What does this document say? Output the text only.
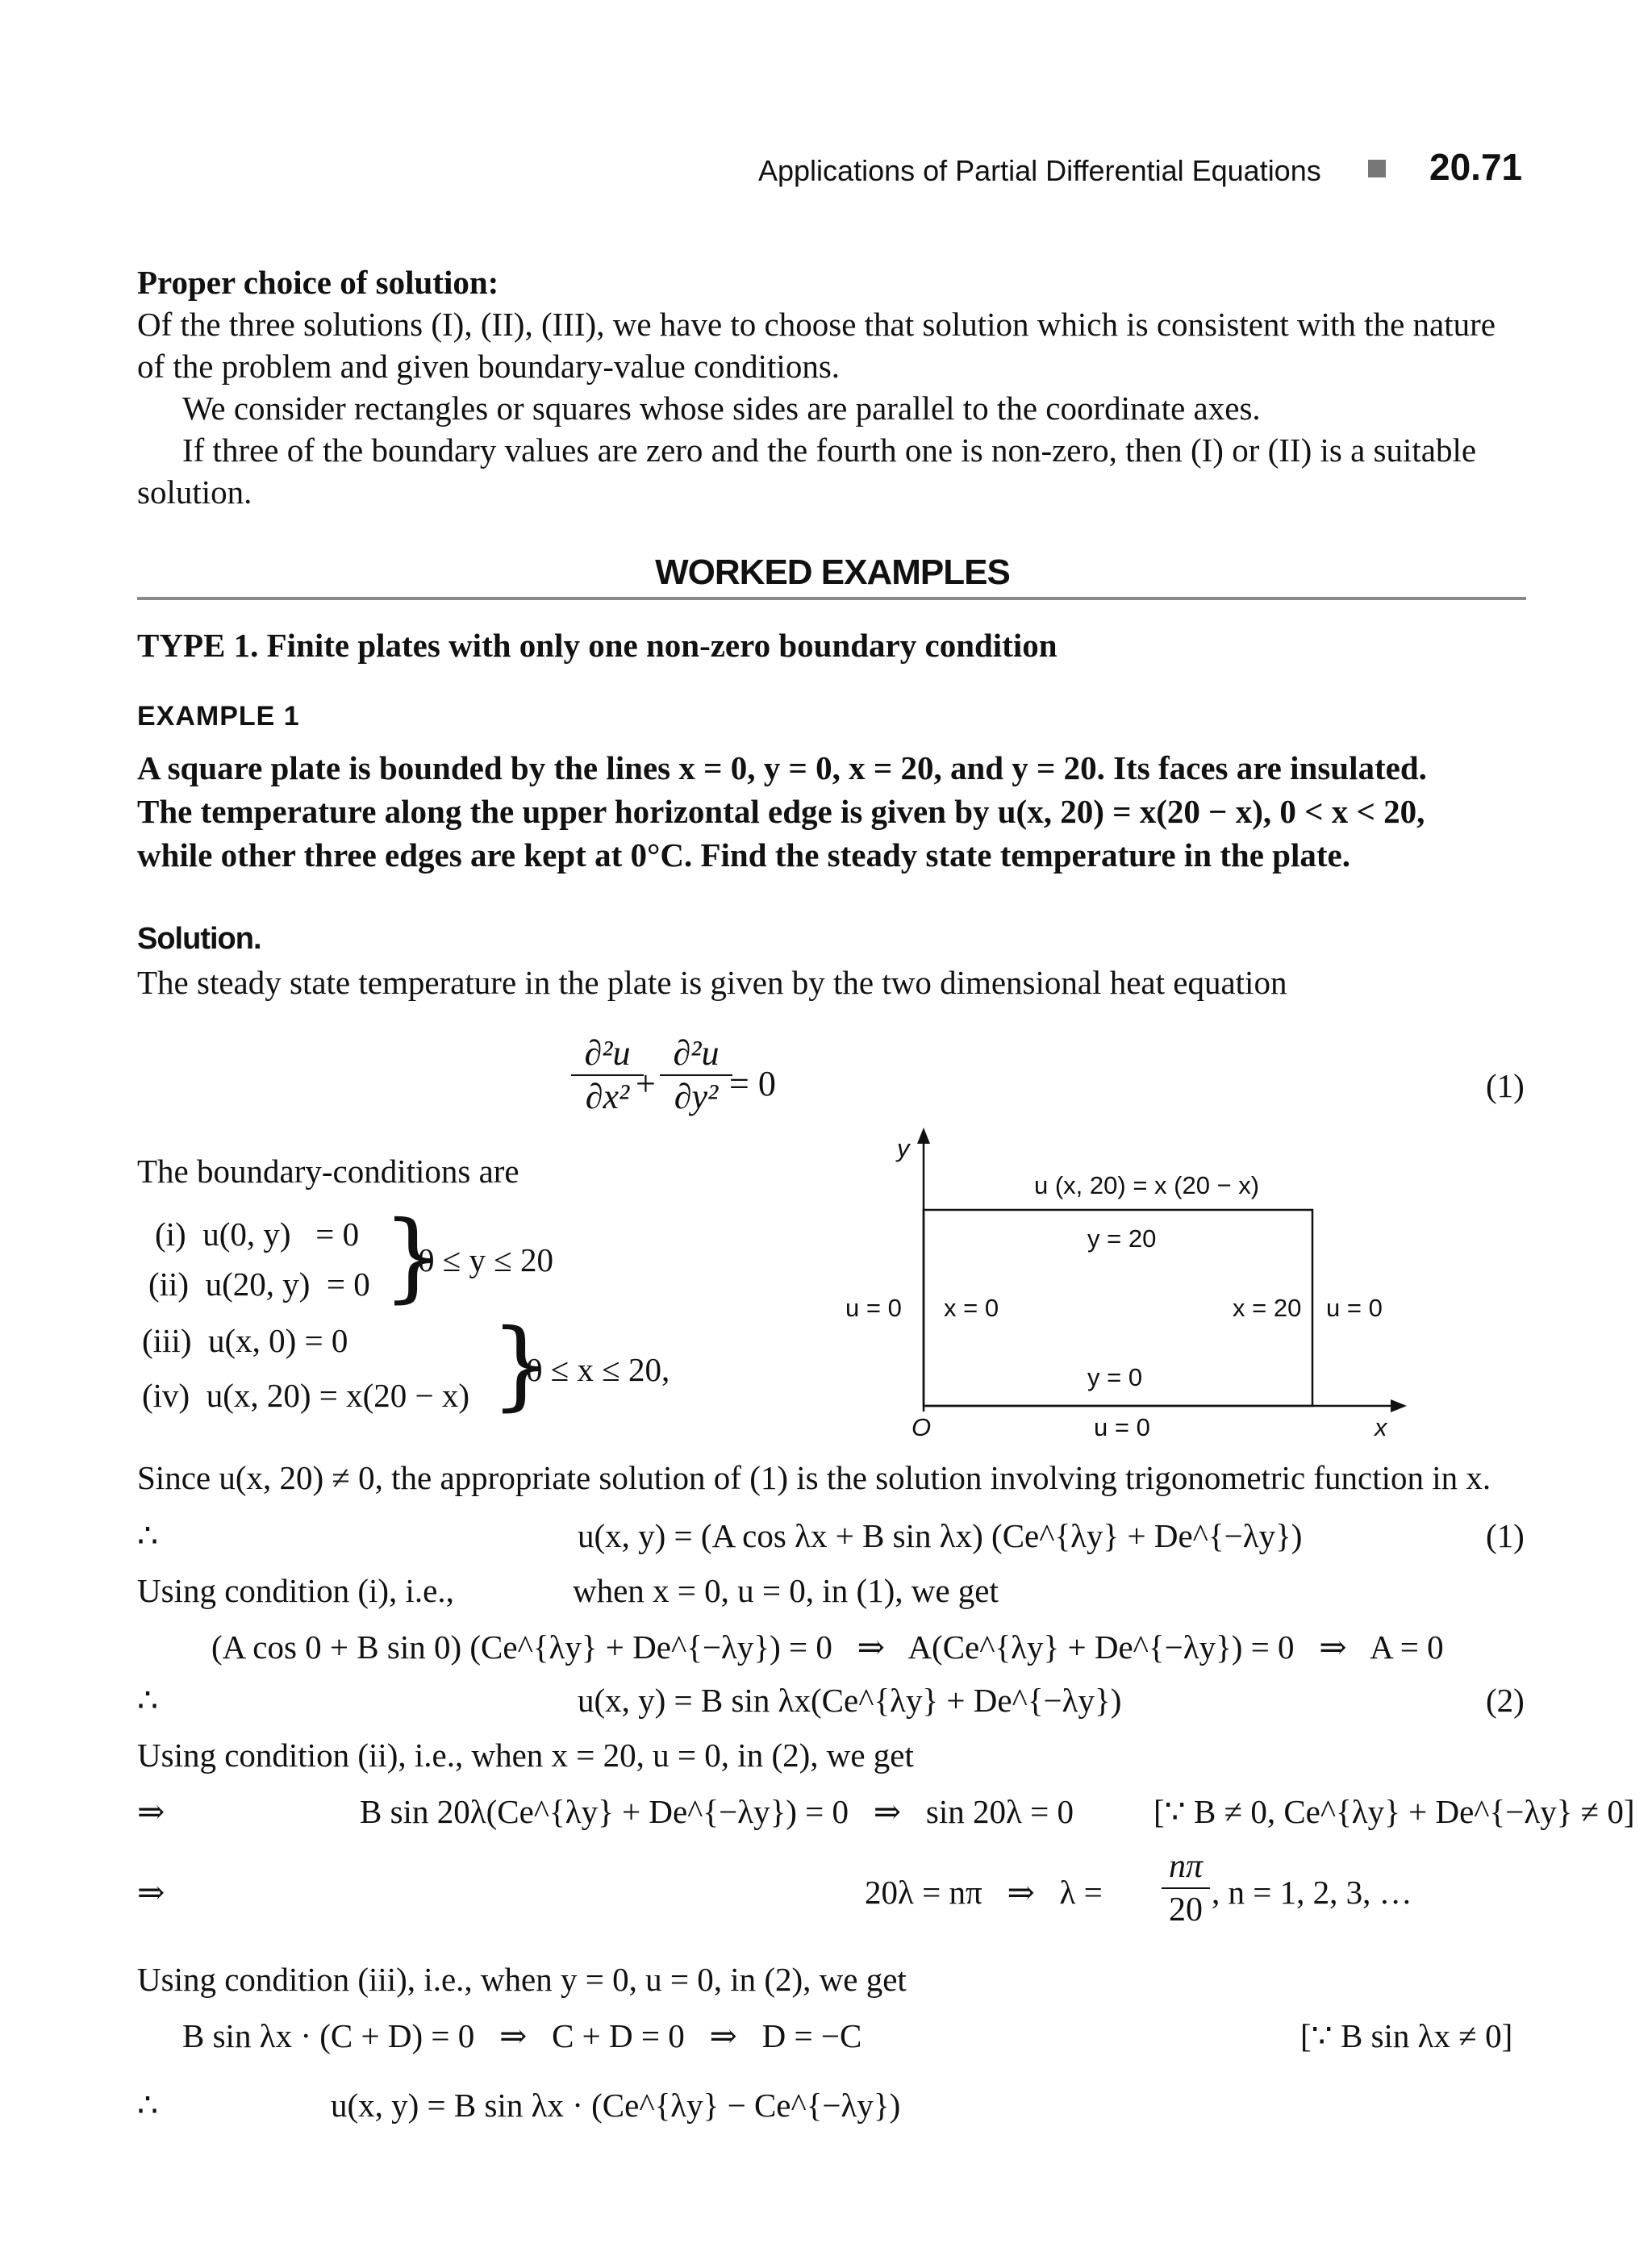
Applications of Partial Differential Equations	20.71
Proper choice of solution:
Of the three solutions (I), (II), (III), we have to choose that solution which is consistent with the nature
of the problem and given boundary-value conditions.
We consider rectangles or squares whose sides are parallel to the coordinate axes.
If three of the boundary values are zero and the fourth one is non-zero, then (I) or (II) is a suitable
solution.
WORKED EXAMPLES
TYPE 1. Finite plates with only one non-zero boundary condition
EXAMPLE 1
A square plate is bounded by the lines x = 0, y = 0, x = 20, and y = 20. Its faces are insulated.
The temperature along the upper horizontal edge is given by u(x, 20) = x(20 − x), 0 < x < 20,
while other three edges are kept at 0°C. Find the steady state temperature in the plate.
Solution.
The steady state temperature in the plate is given by the two dimensional heat equation
∂²u
∂x² +
∂²u
∂y² = 0	(1)
The boundary-conditions are
(i)  u(0, y)   = 0
(ii)  u(20, y)  = 0 }
0 ≤ y ≤ 20
(iii)  u(x, 0) = 0
(iv)  u(x, 20) = x(20 − x) }
0 ≤ x ≤ 20,
y
x
O
u (x, 20) = x (20 − x)
y = 20
u = 0 x = 0	x = 20 u = 0
y = 0
u = 0
Since u(x, 20) ≠ 0, the appropriate solution of (1) is the solution involving trigonometric function in x.
∴	u(x, y) = (A cos λx + B sin λx) (Ce^{λy} + De^{−λy})	(1)
Using condition (i), i.e.,	when x = 0, u = 0, in (1), we get
(A cos 0 + B sin 0) (Ce^{λy} + De^{−λy}) = 0   ⇒   A(Ce^{λy} + De^{−λy}) = 0   ⇒   A = 0
∴	u(x, y) = B sin λx(Ce^{λy} + De^{−λy})	(2)
Using condition (ii), i.e., when x = 20, u = 0, in (2), we get
⇒	B sin 20λ(Ce^{λy} + De^{−λy}) = 0   ⇒   sin 20λ = 0 [∵ B ≠ 0, Ce^{λy} + De^{−λy} ≠ 0]
⇒	20λ = nπ   ⇒   λ =
nπ
20 , n = 1, 2, 3, …
Using condition (iii), i.e., when y = 0, u = 0, in (2), we get
B sin λx · (C + D) = 0   ⇒   C + D = 0   ⇒   D = −C	[∵ B sin λx ≠ 0]
∴	u(x, y) = B sin λx · (Ce^{λy} − Ce^{−λy})
